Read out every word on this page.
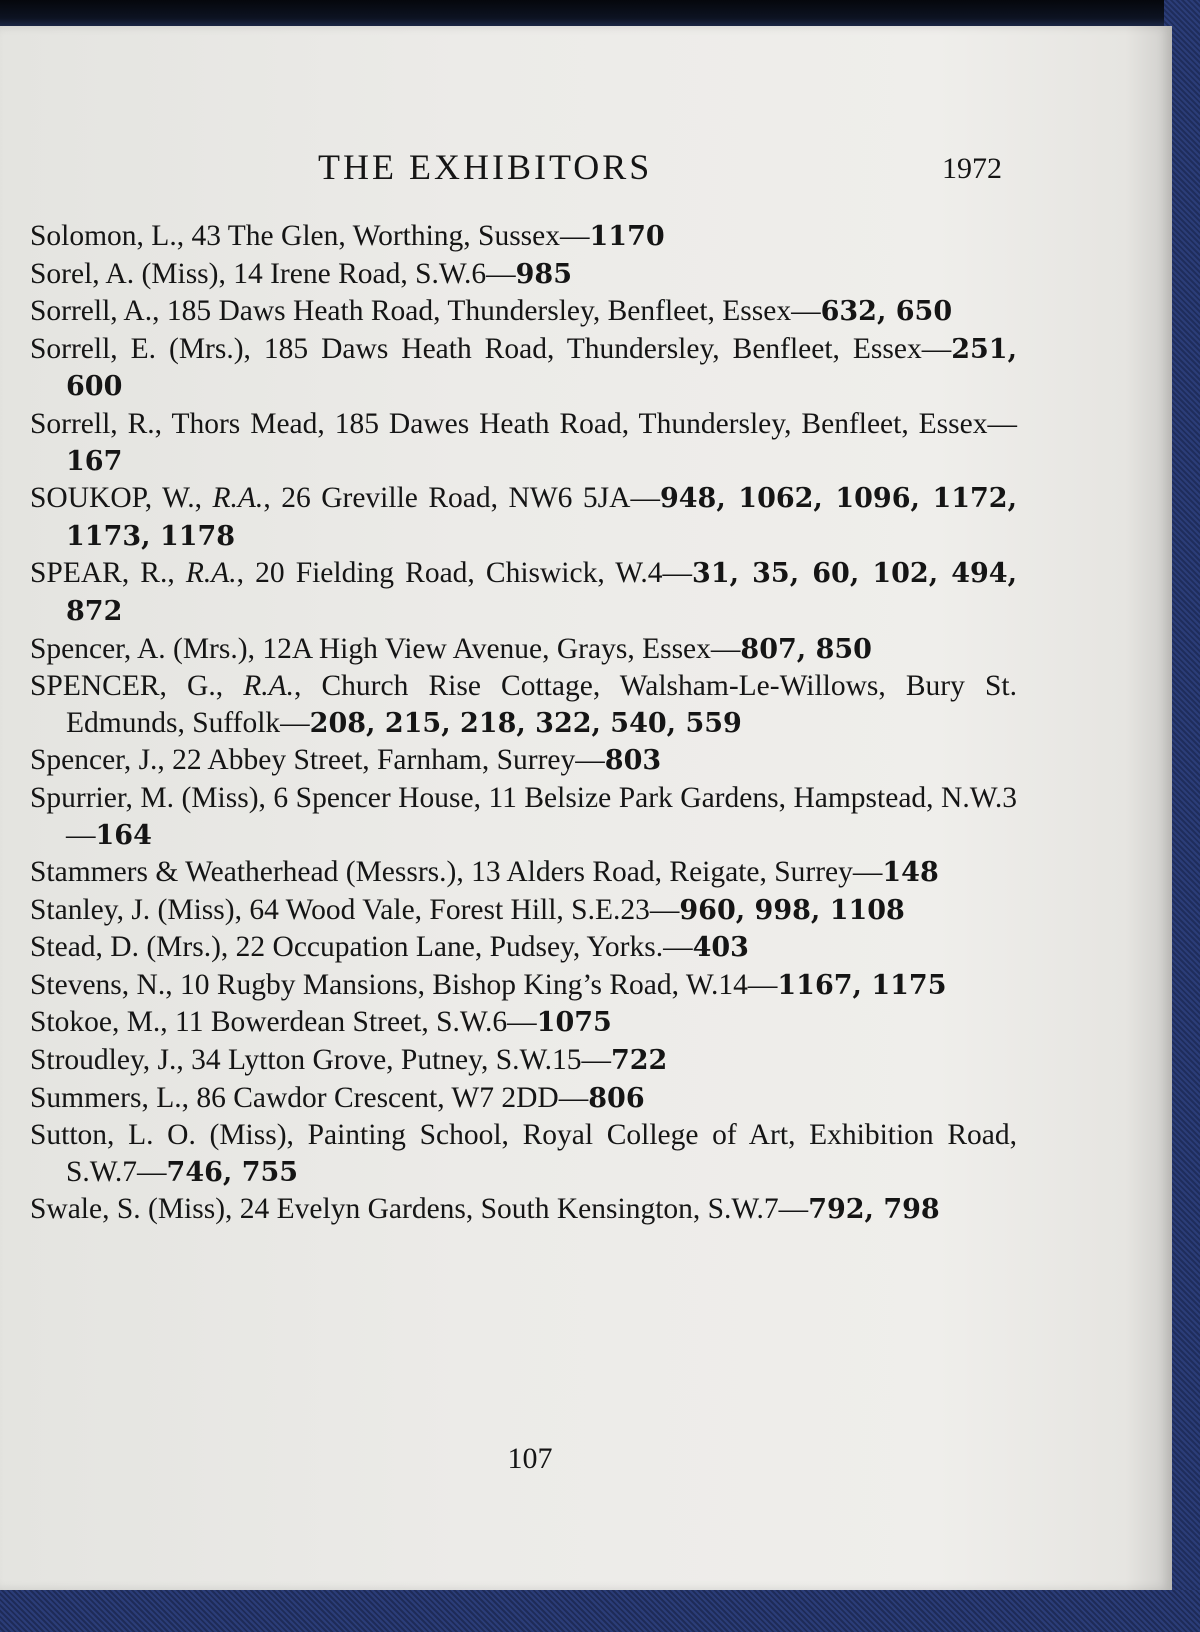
THE EXHIBITORS	1972
Solomon, L., 43 The Glen, Worthing, Sussex—1170
Sorel, A. (Miss), 14 Irene Road, S.W.6—985
Sorrell, A., 185 Daws Heath Road, Thundersley, Benfleet, Essex—632, 650
Sorrell, E. (Mrs.), 185 Daws Heath Road, Thundersley, Benfleet, Essex—251, 600
Sorrell, R., Thors Mead, 185 Dawes Heath Road, Thundersley, Benfleet, Essex—167
SOUKOP, W., R.A., 26 Greville Road, NW6 5JA—948, 1062, 1096, 1172, 1173, 1178
SPEAR, R., R.A., 20 Fielding Road, Chiswick, W.4—31, 35, 60, 102, 494, 872
Spencer, A. (Mrs.), 12A High View Avenue, Grays, Essex—807, 850
SPENCER, G., R.A., Church Rise Cottage, Walsham-Le-Willows, Bury St. Edmunds, Suffolk—208, 215, 218, 322, 540, 559
Spencer, J., 22 Abbey Street, Farnham, Surrey—803
Spurrier, M. (Miss), 6 Spencer House, 11 Belsize Park Gardens, Hampstead, N.W.3—164
Stammers & Weatherhead (Messrs.), 13 Alders Road, Reigate, Surrey—148
Stanley, J. (Miss), 64 Wood Vale, Forest Hill, S.E.23—960, 998, 1108
Stead, D. (Mrs.), 22 Occupation Lane, Pudsey, Yorks.—403
Stevens, N., 10 Rugby Mansions, Bishop King’s Road, W.14—1167, 1175
Stokoe, M., 11 Bowerdean Street, S.W.6—1075
Stroudley, J., 34 Lytton Grove, Putney, S.W.15—722
Summers, L., 86 Cawdor Crescent, W7 2DD—806
Sutton, L. O. (Miss), Painting School, Royal College of Art, Exhibition Road, S.W.7—746, 755
Swale, S. (Miss), 24 Evelyn Gardens, South Kensington, S.W.7—792, 798
107
